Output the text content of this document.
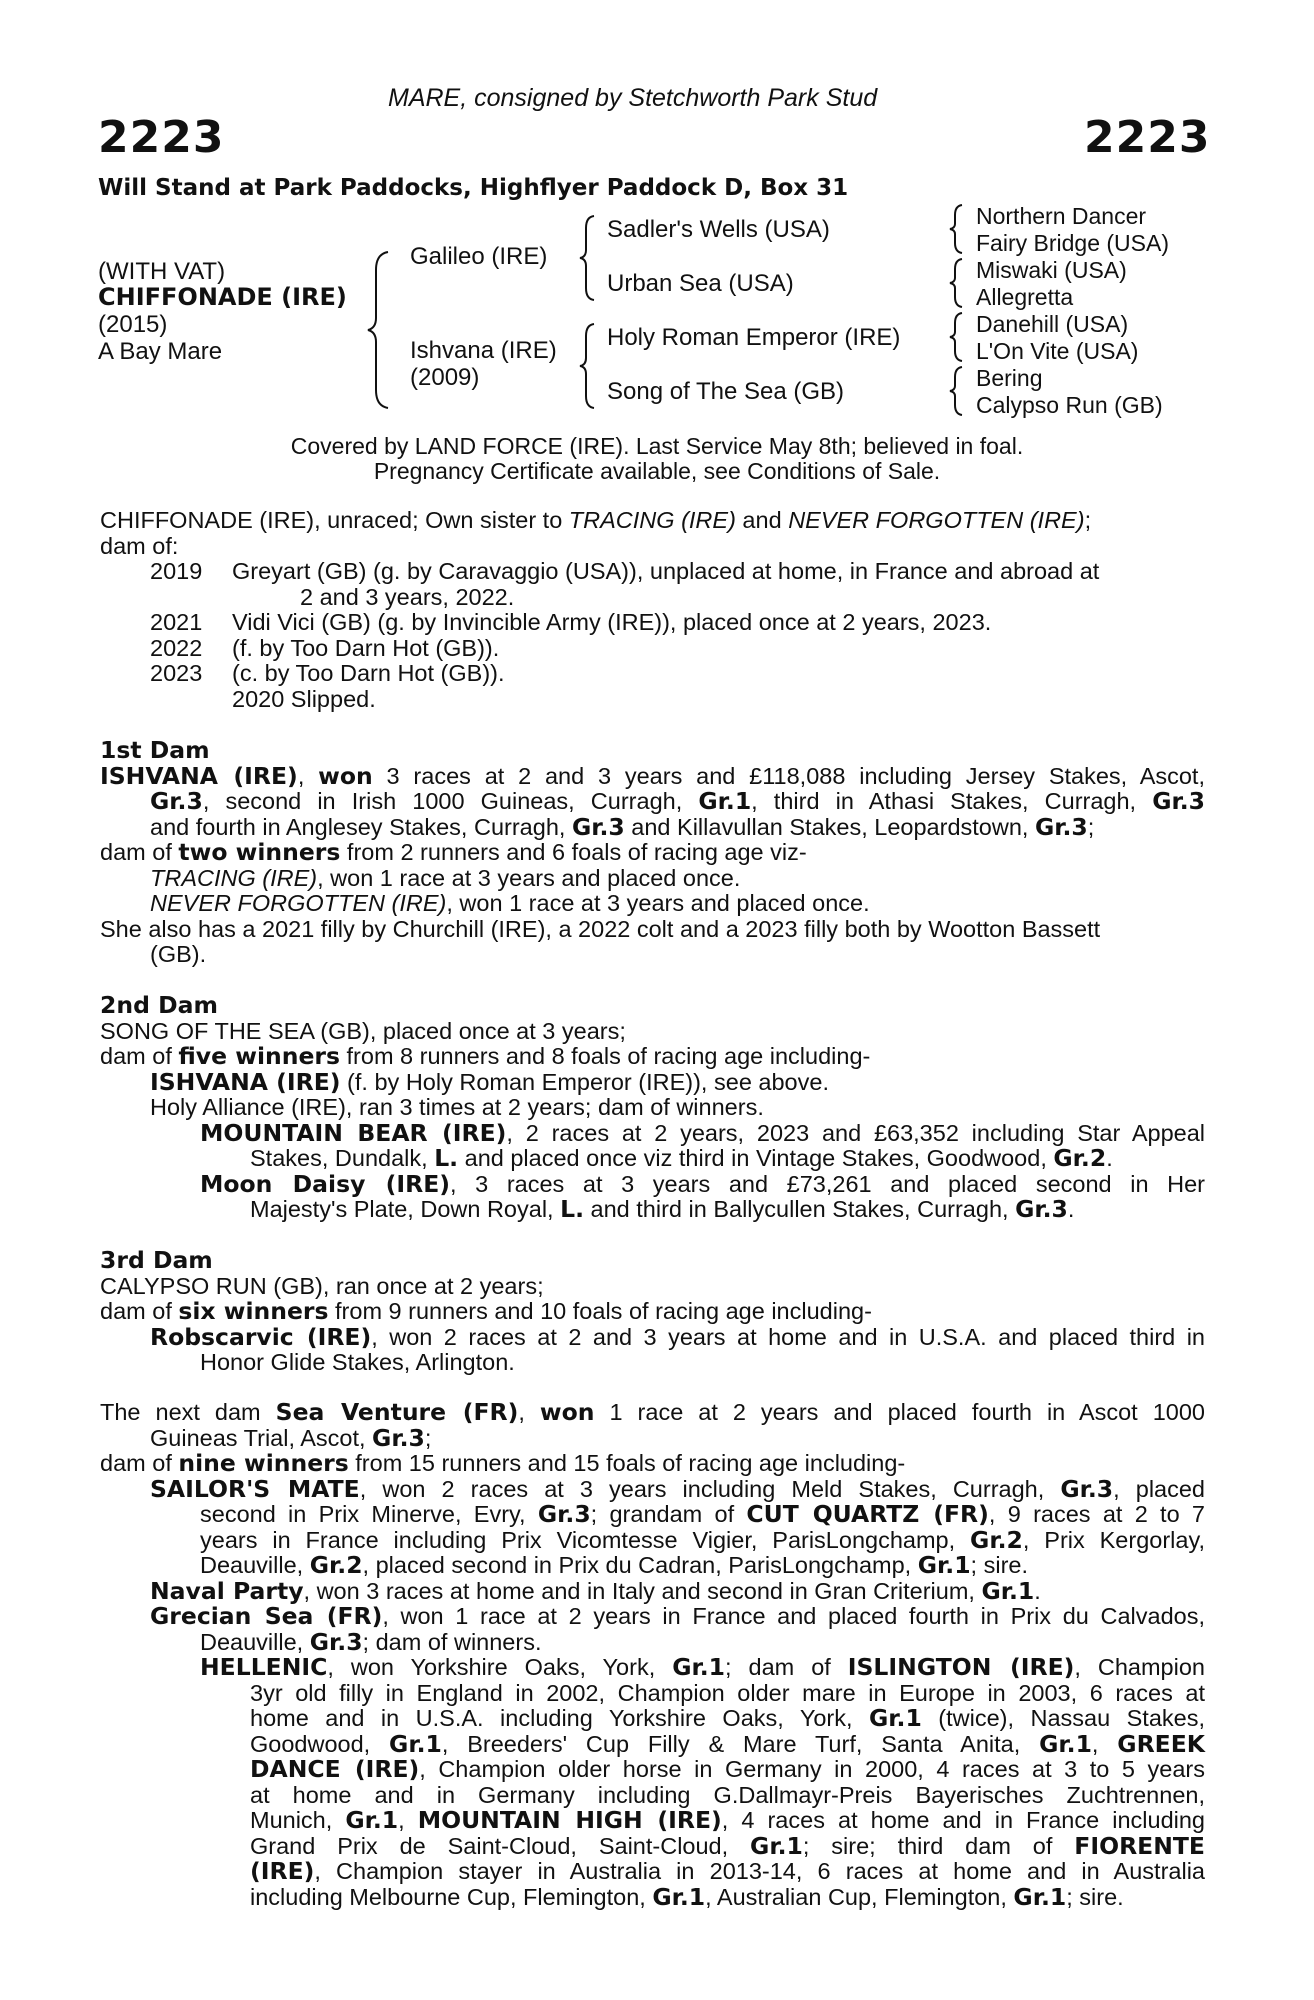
MARE, consigned by Stetchworth Park Stud
2223	2223
Will Stand at Park Paddocks, Highflyer Paddock D, Box 31
(WITH VAT)
CHIFFONADE (IRE)
(2015)
A Bay Mare
Galileo (IRE)
Ishvana (IRE)
(2009)
Sadler's Wells (USA)
Urban Sea (USA)
Holy Roman Emperor (IRE)
Song of The Sea (GB)
Northern Dancer
Fairy Bridge (USA)
Miswaki (USA)
Allegretta
Danehill (USA)
L'On Vite (USA)
Bering
Calypso Run (GB)
Covered by LAND FORCE (IRE). Last Service May 8th; believed in foal.
Pregnancy Certificate available, see Conditions of Sale.
CHIFFONADE (IRE), unraced; Own sister to TRACING (IRE) and NEVER FORGOTTEN (IRE);
dam of:
2019	Greyart (GB) (g. by Caravaggio (USA)), unplaced at home, in France and abroad at
2 and 3 years, 2022.
2021	Vidi Vici (GB) (g. by Invincible Army (IRE)), placed once at 2 years, 2023.
2022	(f. by Too Darn Hot (GB)).
2023	(c. by Too Darn Hot (GB)).
2020 Slipped.
1st Dam
ISHVANA (IRE), won 3 races at 2 and 3 years and £118,088 including Jersey Stakes, Ascot,
Gr.3, second in Irish 1000 Guineas, Curragh, Gr.1, third in Athasi Stakes, Curragh, Gr.3
and fourth in Anglesey Stakes, Curragh, Gr.3 and Killavullan Stakes, Leopardstown, Gr.3;
dam of two winners from 2 runners and 6 foals of racing age viz-
TRACING (IRE), won 1 race at 3 years and placed once.
NEVER FORGOTTEN (IRE), won 1 race at 3 years and placed once.
She also has a 2021 filly by Churchill (IRE), a 2022 colt and a 2023 filly both by Wootton Bassett
(GB).
2nd Dam
SONG OF THE SEA (GB), placed once at 3 years;
dam of five winners from 8 runners and 8 foals of racing age including-
ISHVANA (IRE) (f. by Holy Roman Emperor (IRE)), see above.
Holy Alliance (IRE), ran 3 times at 2 years; dam of winners.
MOUNTAIN BEAR (IRE), 2 races at 2 years, 2023 and £63,352 including Star Appeal
Stakes, Dundalk, L. and placed once viz third in Vintage Stakes, Goodwood, Gr.2.
Moon Daisy (IRE), 3 races at 3 years and £73,261 and placed second in Her
Majesty's Plate, Down Royal, L. and third in Ballycullen Stakes, Curragh, Gr.3.
3rd Dam
CALYPSO RUN (GB), ran once at 2 years;
dam of six winners from 9 runners and 10 foals of racing age including-
Robscarvic (IRE), won 2 races at 2 and 3 years at home and in U.S.A. and placed third in
Honor Glide Stakes, Arlington.
The next dam Sea Venture (FR), won 1 race at 2 years and placed fourth in Ascot 1000
Guineas Trial, Ascot, Gr.3;
dam of nine winners from 15 runners and 15 foals of racing age including-
SAILOR'S MATE, won 2 races at 3 years including Meld Stakes, Curragh, Gr.3, placed
second in Prix Minerve, Evry, Gr.3; grandam of CUT QUARTZ (FR), 9 races at 2 to 7
years in France including Prix Vicomtesse Vigier, ParisLongchamp, Gr.2, Prix Kergorlay,
Deauville, Gr.2, placed second in Prix du Cadran, ParisLongchamp, Gr.1; sire.
Naval Party, won 3 races at home and in Italy and second in Gran Criterium, Gr.1.
Grecian Sea (FR), won 1 race at 2 years in France and placed fourth in Prix du Calvados,
Deauville, Gr.3; dam of winners.
HELLENIC, won Yorkshire Oaks, York, Gr.1; dam of ISLINGTON (IRE), Champion
3yr old filly in England in 2002, Champion older mare in Europe in 2003, 6 races at
home and in U.S.A. including Yorkshire Oaks, York, Gr.1 (twice), Nassau Stakes,
Goodwood, Gr.1, Breeders' Cup Filly & Mare Turf, Santa Anita, Gr.1, GREEK
DANCE (IRE), Champion older horse in Germany in 2000, 4 races at 3 to 5 years
at home and in Germany including G.Dallmayr-Preis Bayerisches Zuchtrennen,
Munich, Gr.1, MOUNTAIN HIGH (IRE), 4 races at home and in France including
Grand Prix de Saint-Cloud, Saint-Cloud, Gr.1; sire; third dam of FIORENTE
(IRE), Champion stayer in Australia in 2013-14, 6 races at home and in Australia
including Melbourne Cup, Flemington, Gr.1, Australian Cup, Flemington, Gr.1; sire.
